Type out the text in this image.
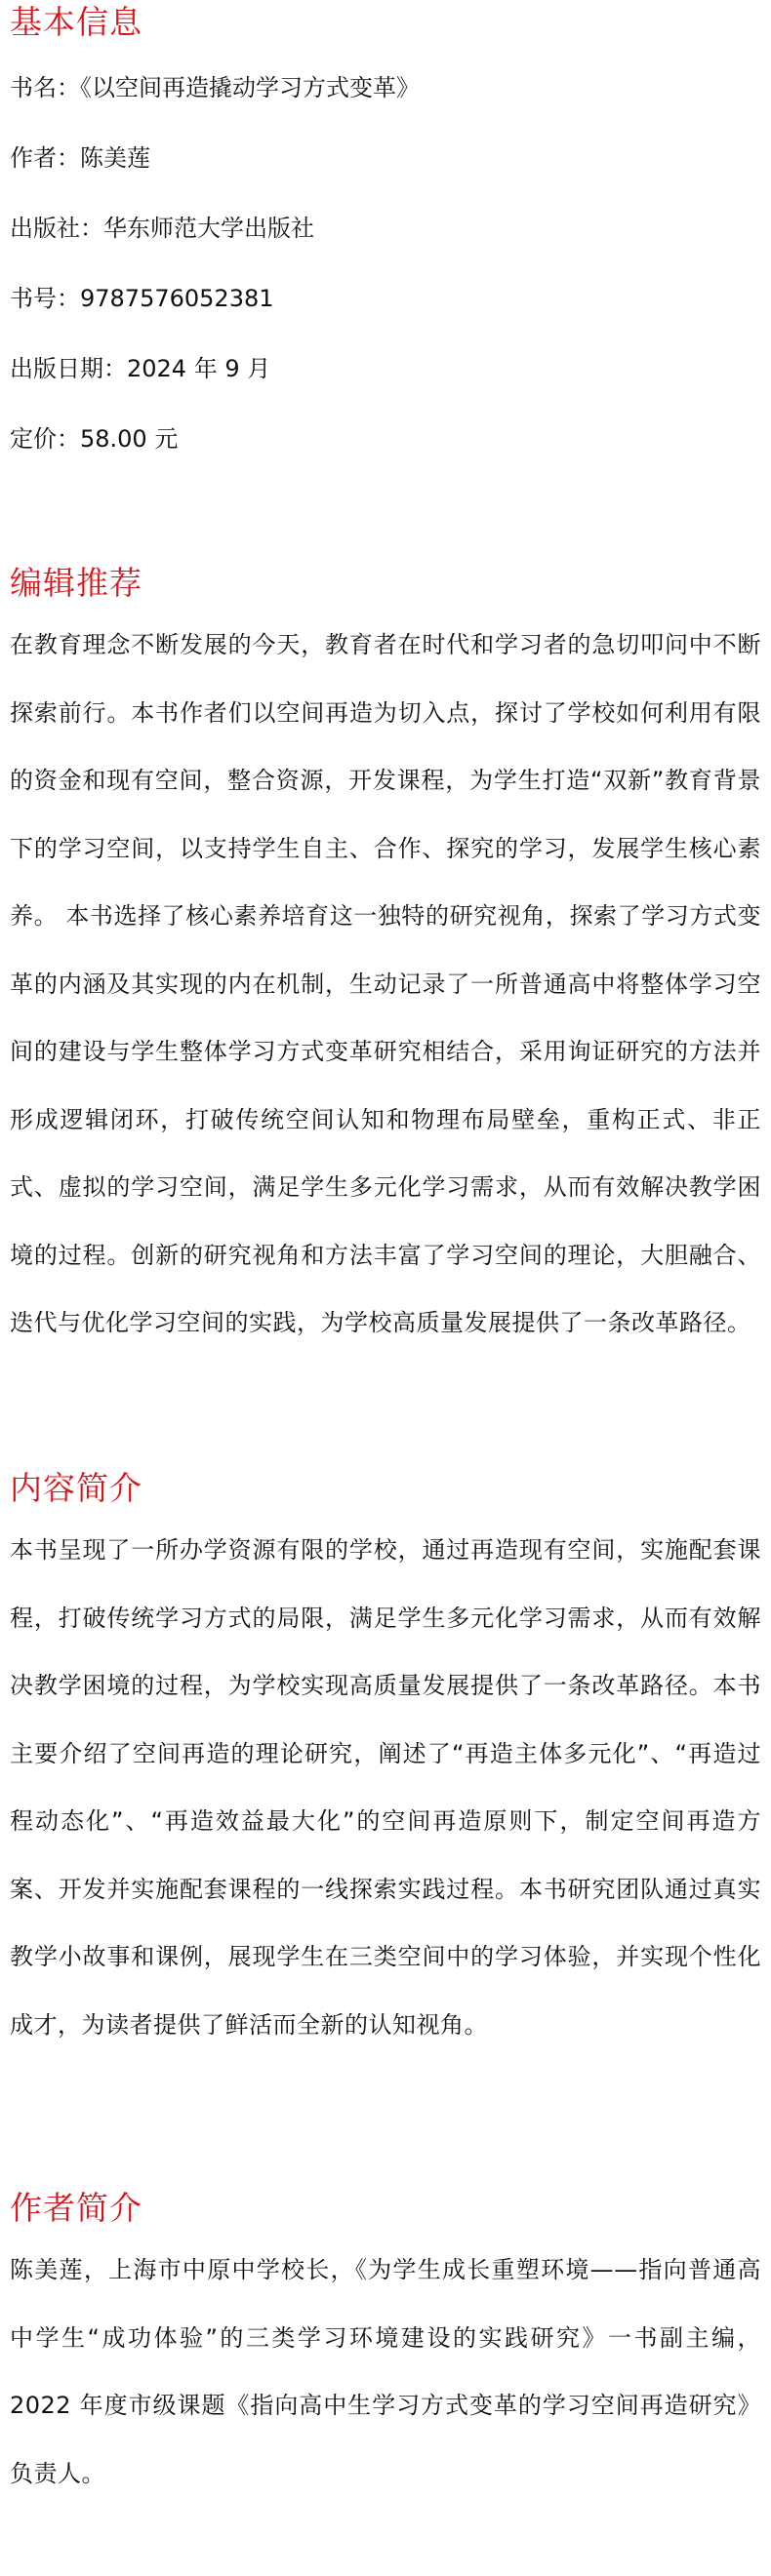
基本信息
书名：《以空间再造撬动学习方式变革》
作者：陈美莲
出版社：华东师范大学出版社
书号：9787576052381
出版日期：2024 年 9 月
定价：58.00 元
编辑推荐

在教育理念不断发展的今天，教育者在时代和学习者的急切叩问中不断探索前行。本书作者们以空间再造为切入点，探讨了学校如何利用有限的资金和现有空间，整合资源，开发课程，为学生打造“双新”教育背景下的学习空间，以支持学生自主、合作、探究的学习，发展学生核心素养。 本书选择了核心素养培育这一独特的研究视角，探索了学习方式变革的内涵及其实现的内在机制，生动记录了一所普通高中将整体学习空间的建设与学生整体学习方式变革研究相结合，采用询证研究的方法并形成逻辑闭环，打破传统空间认知和物理布局壁垒，重构正式、非正式、虚拟的学习空间，满足学生多元化学习需求，从而有效解决教学困境的过程。创新的研究视角和方法丰富了学习空间的理论，大胆融合、迭代与优化学习空间的实践，为学校高质量发展提供了一条改革路径。

内容简介

本书呈现了一所办学资源有限的学校，通过再造现有空间，实施配套课程，打破传统学习方式的局限，满足学生多元化学习需求，从而有效解决教学困境的过程，为学校实现高质量发展提供了一条改革路径。本书主要介绍了空间再造的理论研究，阐述了“再造主体多元化”、“再造过程动态化”、“再造效益最大化”的空间再造原则下，制定空间再造方案、开发并实施配套课程的一线探索实践过程。本书研究团队通过真实教学小故事和课例，展现学生在三类空间中的学习体验，并实现个性化成才，为读者提供了鲜活而全新的认知视角。

作者简介

陈美莲，上海市中原中学校长，《为学生成长重塑环境——指向普通高中学生“成功体验”的三类学习环境建设的实践研究》一书副主编，2022 年度市级课题《指向高中生学习方式变革的学习空间再造研究》负责人。
